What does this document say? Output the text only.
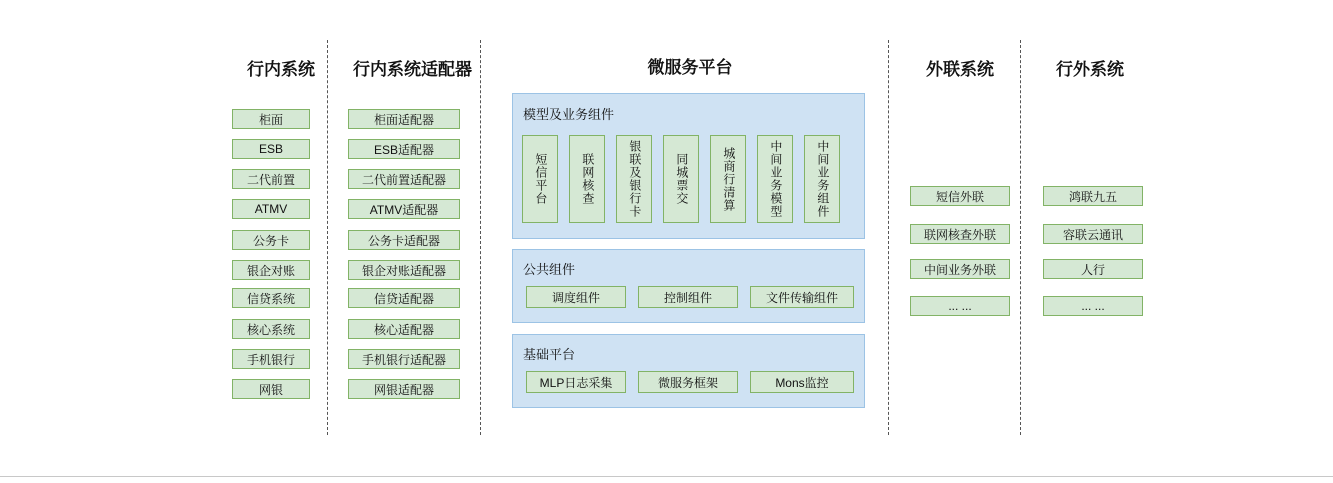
行内系统	行内系统适配器	微服务平台	外联系统	行外系统
柜面
ESB
二代前置
ATMV
公务卡
银企对账
信贷系统
核心系统
手机银行
网银
柜面适配器
ESB适配器
二代前置适配器
ATMV适配器
公务卡适配器
银企对账适配器
信贷适配器
核心适配器
手机银行适配器
网银适配器
模型及业务组件
短信平台	联网核查	银联及银行卡	同城票交	城商行清算	中间业务模型	中间业务组件
公共组件
调度组件	控制组件	文件传输组件
基础平台
MLP日志采集	微服务框架	Mons监控
短信外联
联网核查外联
中间业务外联
... ...
鸿联九五
容联云通讯
人行
... ...
